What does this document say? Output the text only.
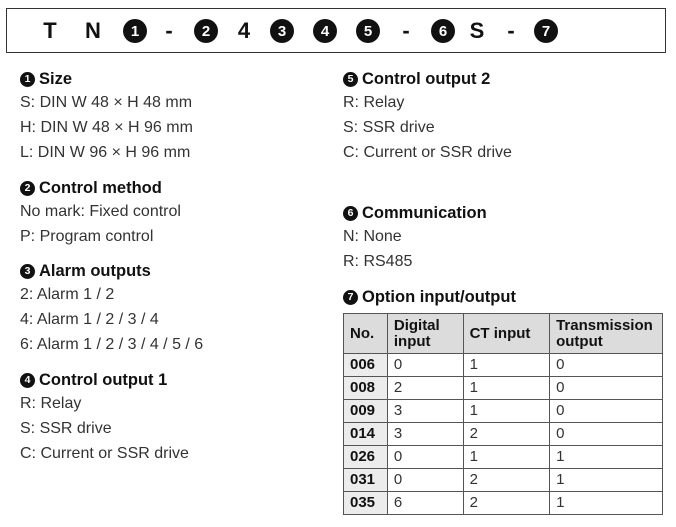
T N	1	-	2	4	3	4	5	-	6	S -	7
1 Size
S: DIN W 48 × H 48 mm
H: DIN W 48 × H 96 mm
L: DIN W 96 × H 96 mm
2 Control method
No mark: Fixed control
P: Program control
3 Alarm outputs
2: Alarm 1 / 2
4: Alarm 1 / 2 / 3 / 4
6: Alarm 1 / 2 / 3 / 4 / 5 / 6
4 Control output 1
R: Relay
S: SSR drive
C: Current or SSR drive
5 Control output 2
R: Relay
S: SSR drive
C: Current or SSR drive
6 Communication
N: None
R: RS485
7 Option input/output
No.	Digital input	CT input	Transmission output
006	0	1	0
008	2	1	0
009	3	1	0
014	3	2	0
026	0	1	1
031	0	2	1
035	6	2	1
